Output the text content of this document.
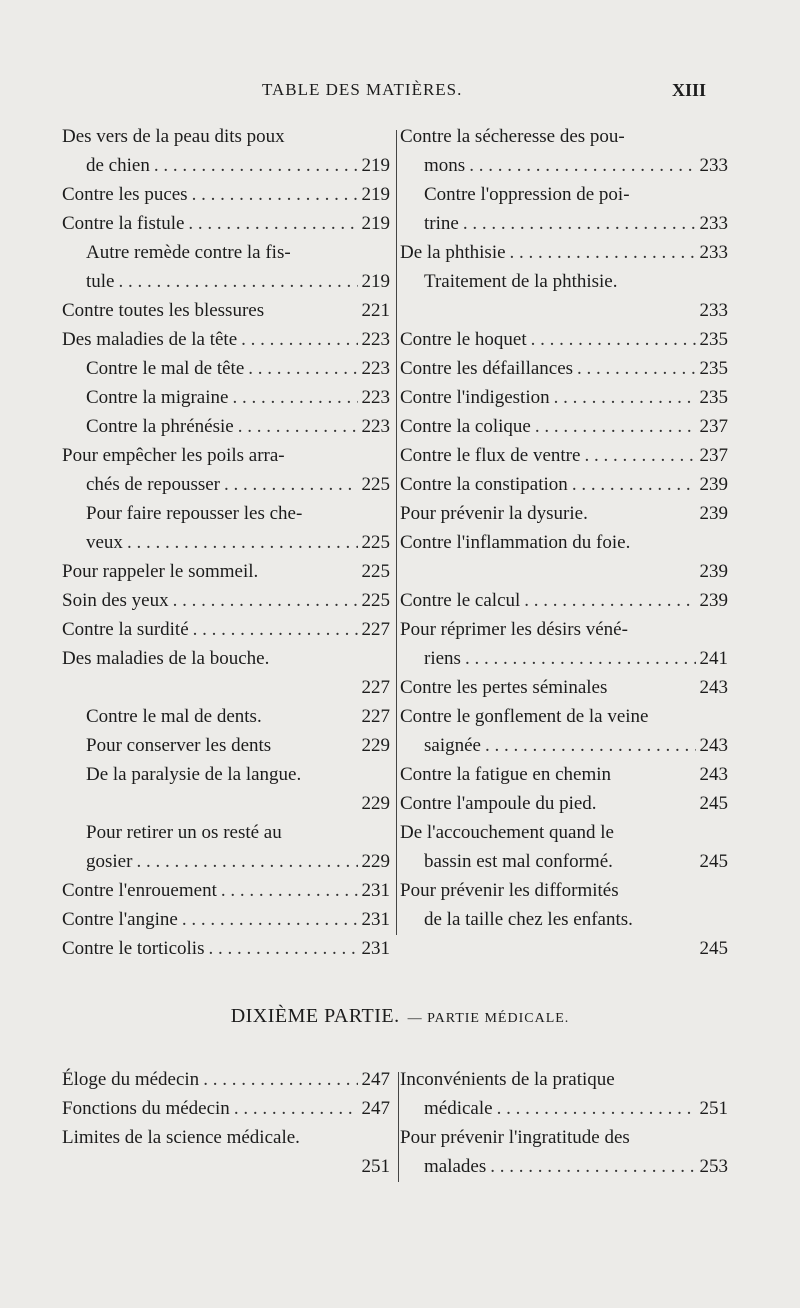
TABLE DES MATIÈRES.	XIII
Des vers de la peau dits poux
de chien . . .	219
Contre les puces . . .	219
Contre la fistule . . .	219
Autre remède contre la fis-
tule . . .	219
Contre toutes les blessures	221
Des maladies de la tête . . .	223
Contre le mal de tête . . .	223
Contre la migraine . . .	223
Contre la phrénésie . . .	223
Pour empêcher les poils arra-
chés de repousser . . .	225
Pour faire repousser les che-
veux . . .	225
Pour rappeler le sommeil.	225
Soin des yeux . . .	225
Contre la surdité . . .	227
Des maladies de la bouche.
227
Contre le mal de dents.	227
Pour conserver les dents	229
De la paralysie de la langue.
229
Pour retirer un os resté au
gosier . . .	229
Contre l'enrouement . . .	231
Contre l'angine . . .	231
Contre le torticolis . . .	231
Contre la sécheresse des pou-
mons . . .	233
Contre l'oppression de poi-
trine . . .	233
De la phthisie . . .	233
Traitement de la phthisie.
233
Contre le hoquet . . .	235
Contre les défaillances . . .	235
Contre l'indigestion . . .	235
Contre la colique . . .	237
Contre le flux de ventre . . .	237
Contre la constipation . . .	239
Pour prévenir la dysurie.	239
Contre l'inflammation du foie.
239
Contre le calcul . . .	239
Pour réprimer les désirs véné-
riens . . .	241
Contre les pertes séminales	243
Contre le gonflement de la veine
saignée . . .	243
Contre la fatigue en chemin	243
Contre l'ampoule du pied.	245
De l'accouchement quand le
bassin est mal conformé.	245
Pour prévenir les difformités
de la taille chez les enfants.
245
DIXIÈME PARTIE. — PARTIE MÉDICALE.
Éloge du médecin . . .	247
Fonctions du médecin . . .	247
Limites de la science médicale.
251
Inconvénients de la pratique
médicale . . .	251
Pour prévenir l'ingratitude des
malades . . .	253
